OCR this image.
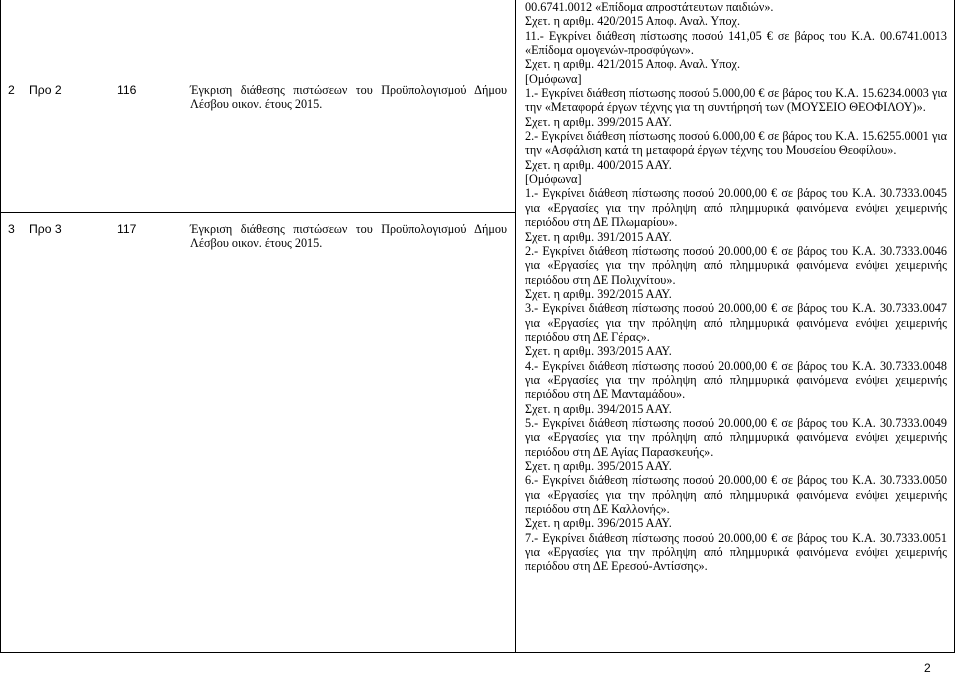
2 Προ 2	116	Έγκριση διάθεσης πιστώσεων του Προϋπολογισμού Δήμου Λέσβου οικον. έτους 2015.
3 Προ 3	117	Έγκριση διάθεσης πιστώσεων του Προϋπολογισμού Δήμου Λέσβου οικον. έτους 2015.

00.6741.0012 «Επίδομα απροστάτευτων παιδιών».

Σχετ. η αριθμ. 420/2015 Αποφ. Αναλ. Υποχ.

11.- Εγκρίνει διάθεση πίστωσης ποσού 141,05 € σε βάρος του Κ.Α. 00.6741.0013 «Επίδομα ομογενών-προσφύγων».

Σχετ. η αριθμ. 421/2015 Αποφ. Αναλ. Υποχ.

[Ομόφωνα]

1.- Εγκρίνει διάθεση πίστωσης ποσού 5.000,00 € σε βάρος του Κ.Α. 15.6234.0003 για την «Μεταφορά έργων τέχνης για τη συντήρησή των (ΜΟΥΣΕΙΟ ΘΕΟΦΙΛΟΥ)».

Σχετ. η αριθμ. 399/2015 ΑΑΥ.

2.- Εγκρίνει διάθεση πίστωσης ποσού 6.000,00 € σε βάρος του Κ.Α. 15.6255.0001 για την «Ασφάλιση κατά τη μεταφορά έργων τέχνης του Μουσείου Θεοφίλου».

Σχετ. η αριθμ. 400/2015 ΑΑΥ.

[Ομόφωνα]

1.- Εγκρίνει διάθεση πίστωσης ποσού 20.000,00 € σε βάρος του Κ.Α. 30.7333.0045 για «Εργασίες για την πρόληψη από πλημμυρικά φαινόμενα ενόψει χειμερινής περιόδου στη ΔΕ Πλωμαρίου».

Σχετ. η αριθμ. 391/2015 ΑΑΥ.

2.- Εγκρίνει διάθεση πίστωσης ποσού 20.000,00 € σε βάρος του Κ.Α. 30.7333.0046 για «Εργασίες για την πρόληψη από πλημμυρικά φαινόμενα ενόψει χειμερινής περιόδου στη ΔΕ Πολιχνίτου».

Σχετ. η αριθμ. 392/2015 ΑΑΥ.

3.- Εγκρίνει διάθεση πίστωσης ποσού 20.000,00 € σε βάρος του Κ.Α. 30.7333.0047 για «Εργασίες για την πρόληψη από πλημμυρικά φαινόμενα ενόψει χειμερινής περιόδου στη ΔΕ Γέρας».

Σχετ. η αριθμ. 393/2015 ΑΑΥ.

4.- Εγκρίνει διάθεση πίστωσης ποσού 20.000,00 € σε βάρος του Κ.Α. 30.7333.0048 για «Εργασίες για την πρόληψη από πλημμυρικά φαινόμενα ενόψει χειμερινής περιόδου στη ΔΕ Μανταμάδου».

Σχετ. η αριθμ. 394/2015 ΑΑΥ.

5.- Εγκρίνει διάθεση πίστωσης ποσού 20.000,00 € σε βάρος του Κ.Α. 30.7333.0049 για «Εργασίες για την πρόληψη από πλημμυρικά φαινόμενα ενόψει χειμερινής περιόδου στη ΔΕ Αγίας Παρασκευής».

Σχετ. η αριθμ. 395/2015 ΑΑΥ.

6.- Εγκρίνει διάθεση πίστωσης ποσού 20.000,00 € σε βάρος του Κ.Α. 30.7333.0050 για «Εργασίες για την πρόληψη από πλημμυρικά φαινόμενα ενόψει χειμερινής περιόδου στη ΔΕ Καλλονής».

Σχετ. η αριθμ. 396/2015 ΑΑΥ.

7.- Εγκρίνει διάθεση πίστωσης ποσού 20.000,00 € σε βάρος του Κ.Α. 30.7333.0051 για «Εργασίες για την πρόληψη από πλημμυρικά φαινόμενα ενόψει χειμερινής περιόδου στη ΔΕ Ερεσού-Αντίσσης».

2
